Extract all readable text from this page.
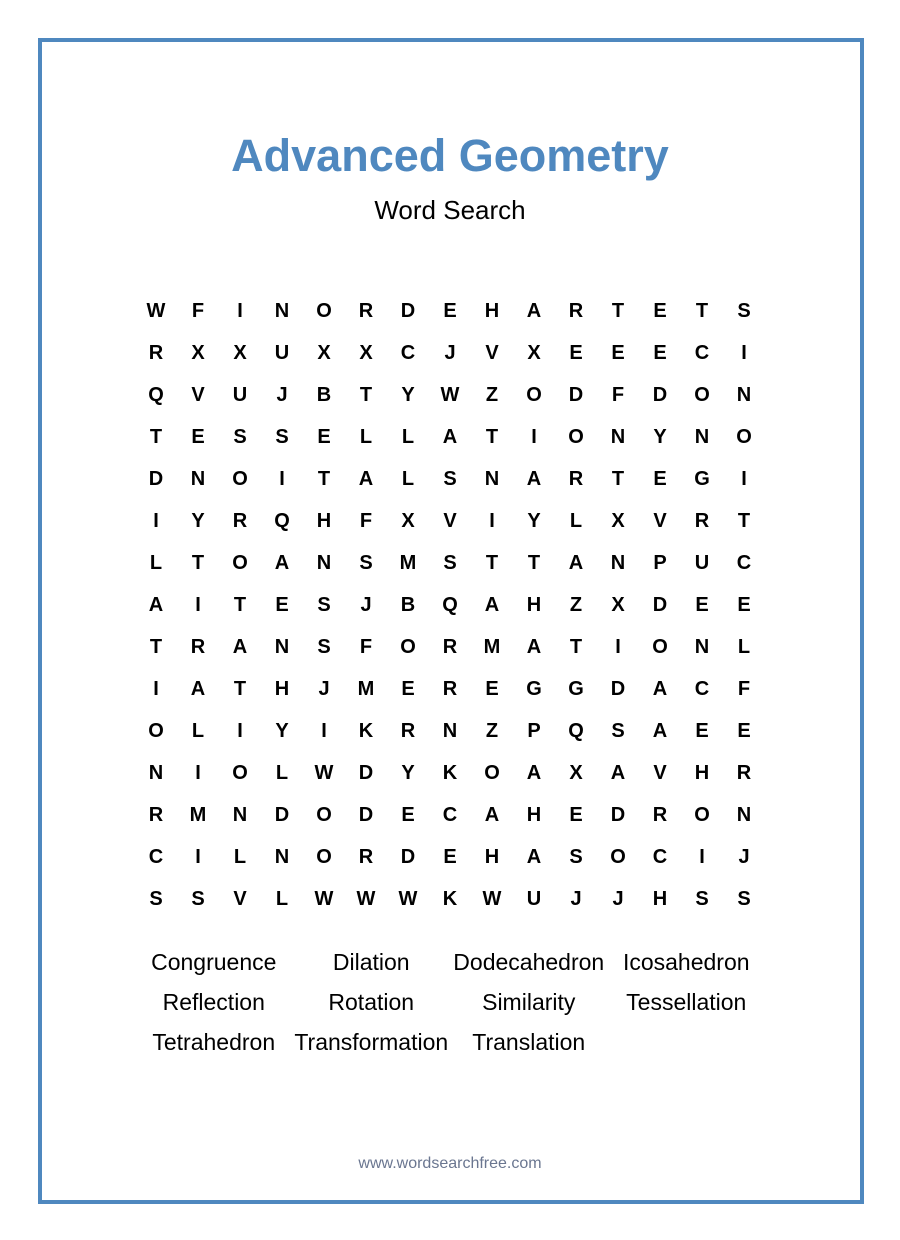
Advanced Geometry
Word Search
W	F	I	N	O	R	D	E	H	A	R	T	E	T	S
R	X	X	U	X	X	C	J	V	X	E	E	E	C	I
Q	V	U	J	B	T	Y	W	Z	O	D	F	D	O	N
T	E	S	S	E	L	L	A	T	I	O	N	Y	N	O
D	N	O	I	T	A	L	S	N	A	R	T	E	G	I
I	Y	R	Q	H	F	X	V	I	Y	L	X	V	R	T
L	T	O	A	N	S	M	S	T	T	A	N	P	U	C
A	I	T	E	S	J	B	Q	A	H	Z	X	D	E	E
T	R	A	N	S	F	O	R	M	A	T	I	O	N	L
I	A	T	H	J	M	E	R	E	G	G	D	A	C	F
O	L	I	Y	I	K	R	N	Z	P	Q	S	A	E	E
N	I	O	L	W	D	Y	K	O	A	X	A	V	H	R
R	M	N	D	O	D	E	C	A	H	E	D	R	O	N
C	I	L	N	O	R	D	E	H	A	S	O	C	I	J
S	S	V	L	W	W	W	K	W	U	J	J	H	S	S
Congruence	Dilation	Dodecahedron Icosahedron
Reflection	Rotation	Similarity	Tessellation
Tetrahedron Transformation	Translation
www.wordsearchfree.com
